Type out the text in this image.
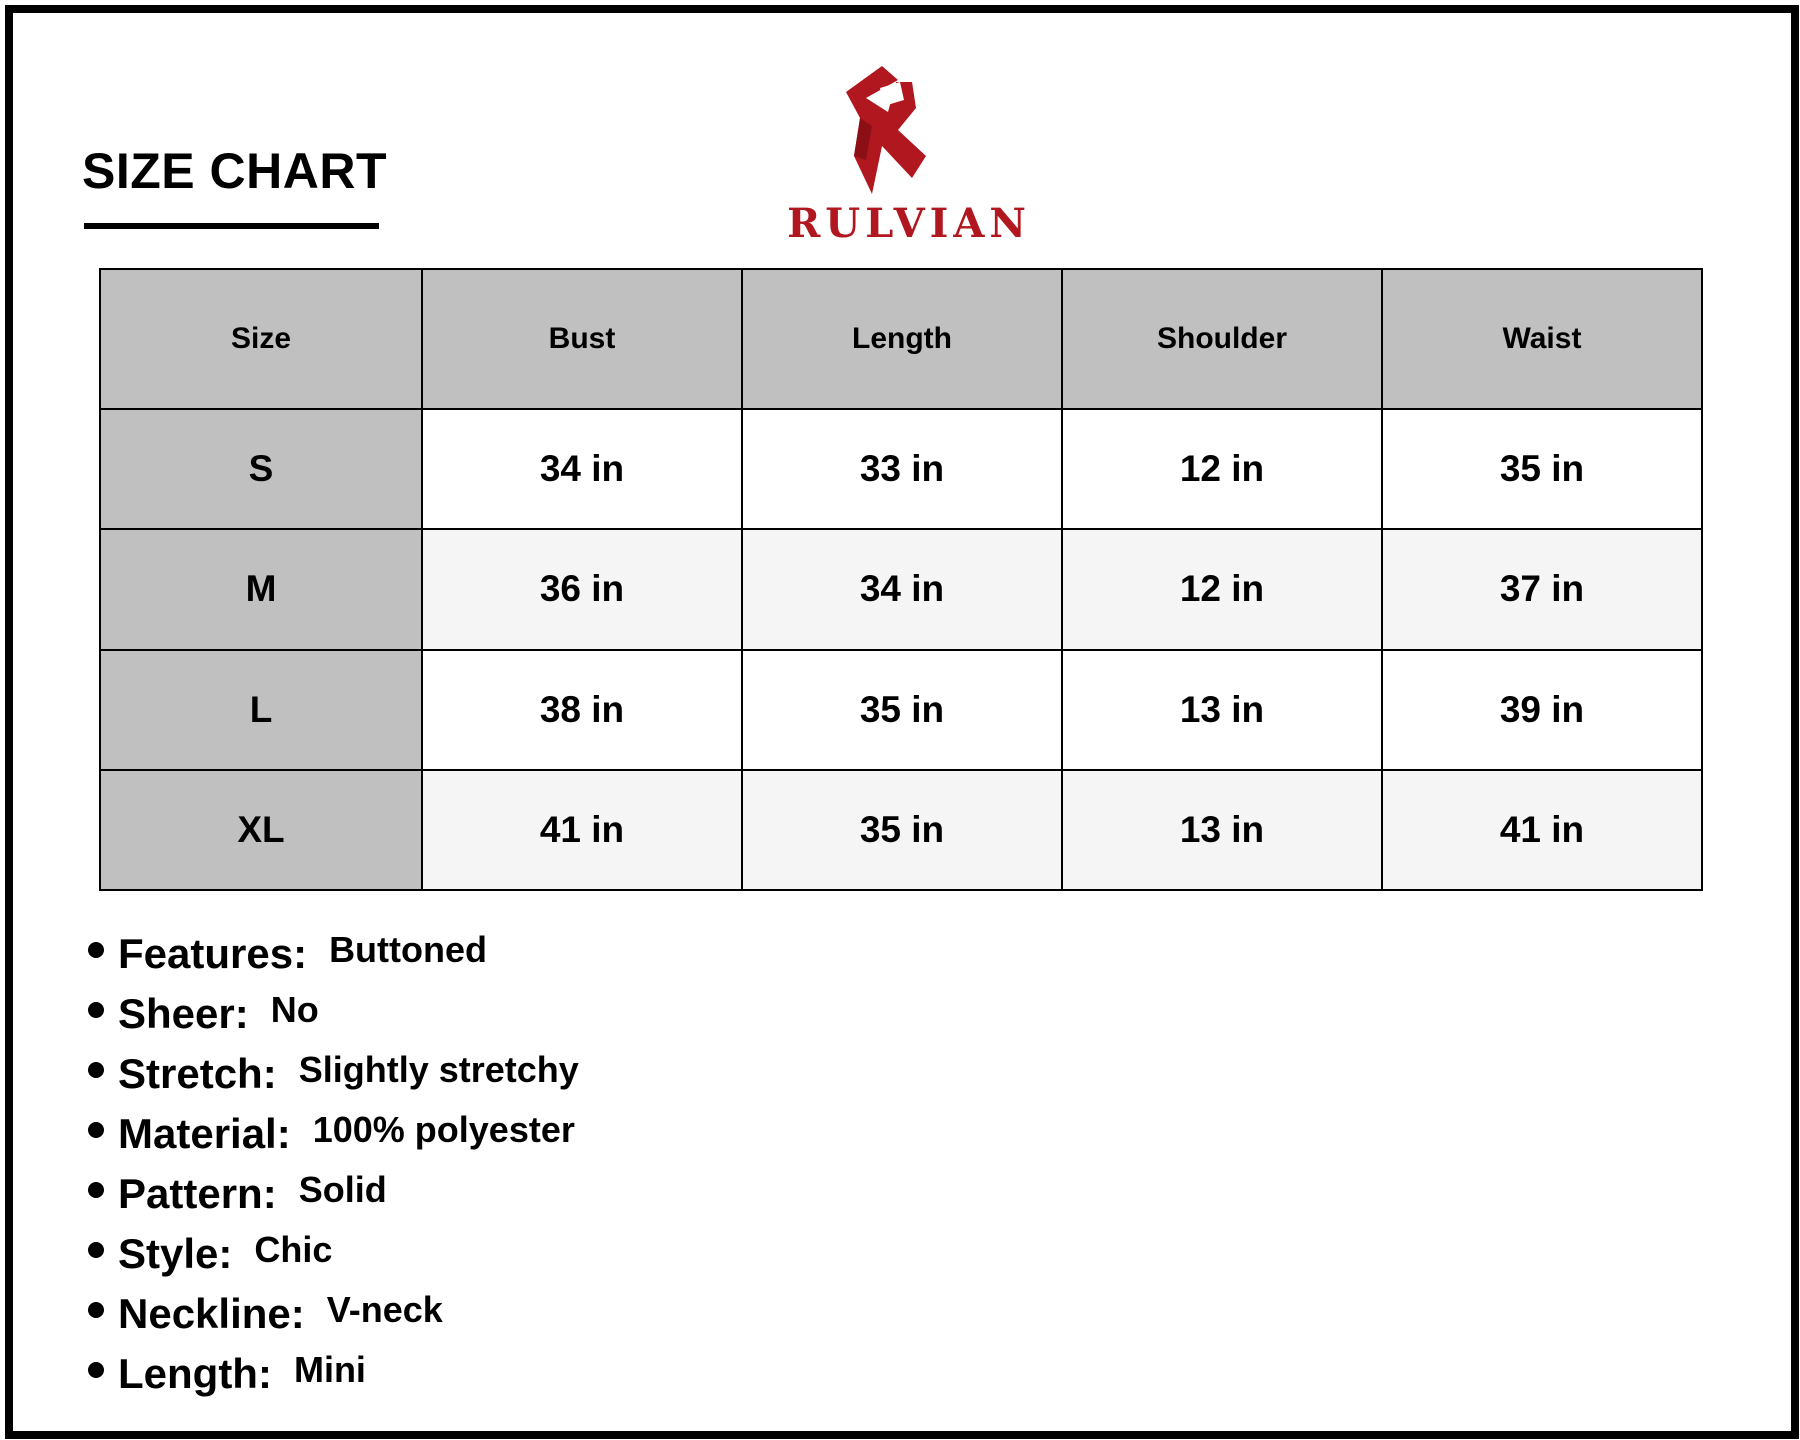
SIZE CHART
RULVIAN
Size	Bust	Length	Shoulder	Waist
S	34 in	33 in	12 in	35 in
M	36 in	34 in	12 in	37 in
L	38 in	35 in	13 in	39 in
XL	41 in	35 in	13 in	41 in
Features: Buttoned
Sheer: No
Stretch: Slightly stretchy
Material: 100% polyester
Pattern: Solid
Style: Chic
Neckline: V-neck
Length: Mini
